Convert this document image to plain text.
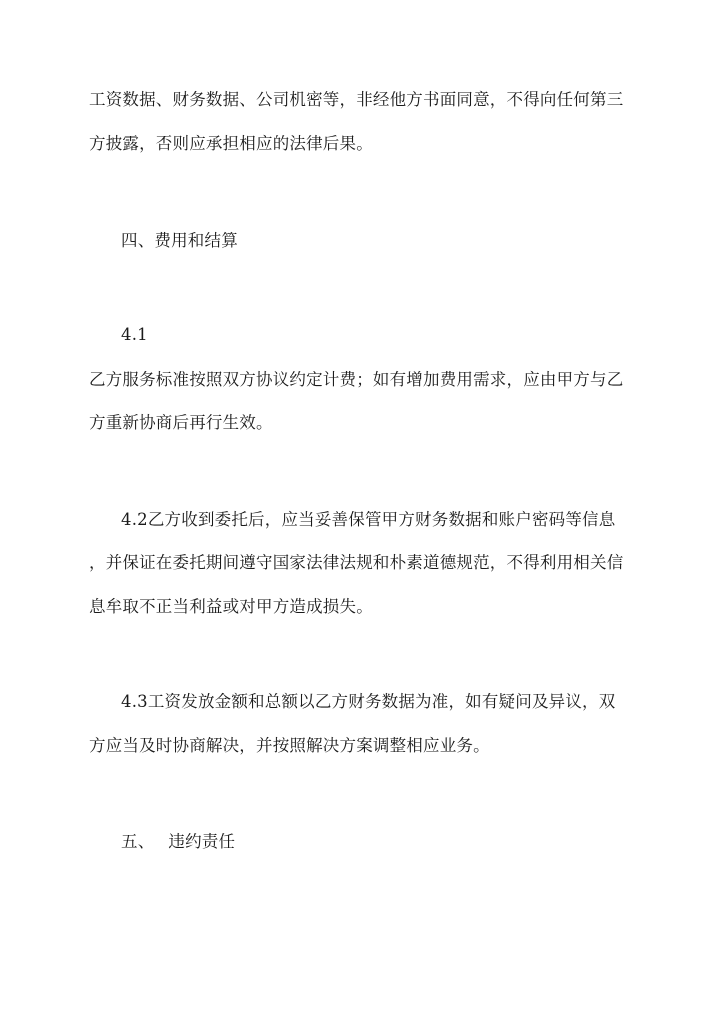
工资数据、财务数据、公司机密等，非经他方书面同意，不得向任何第三
方披露，否则应承担相应的法律后果。
四、费用和结算
4.1
乙方服务标准按照双方协议约定计费；如有增加费用需求，应由甲方与乙
方重新协商后再行生效。
4.2乙方收到委托后，应当妥善保管甲方财务数据和账户密码等信息
，并保证在委托期间遵守国家法律法规和朴素道德规范，不得利用相关信
息牟取不正当利益或对甲方造成损失。
4.3工资发放金额和总额以乙方财务数据为准，如有疑问及异议，双
方应当及时协商解决，并按照解决方案调整相应业务。
五、 违约责任
